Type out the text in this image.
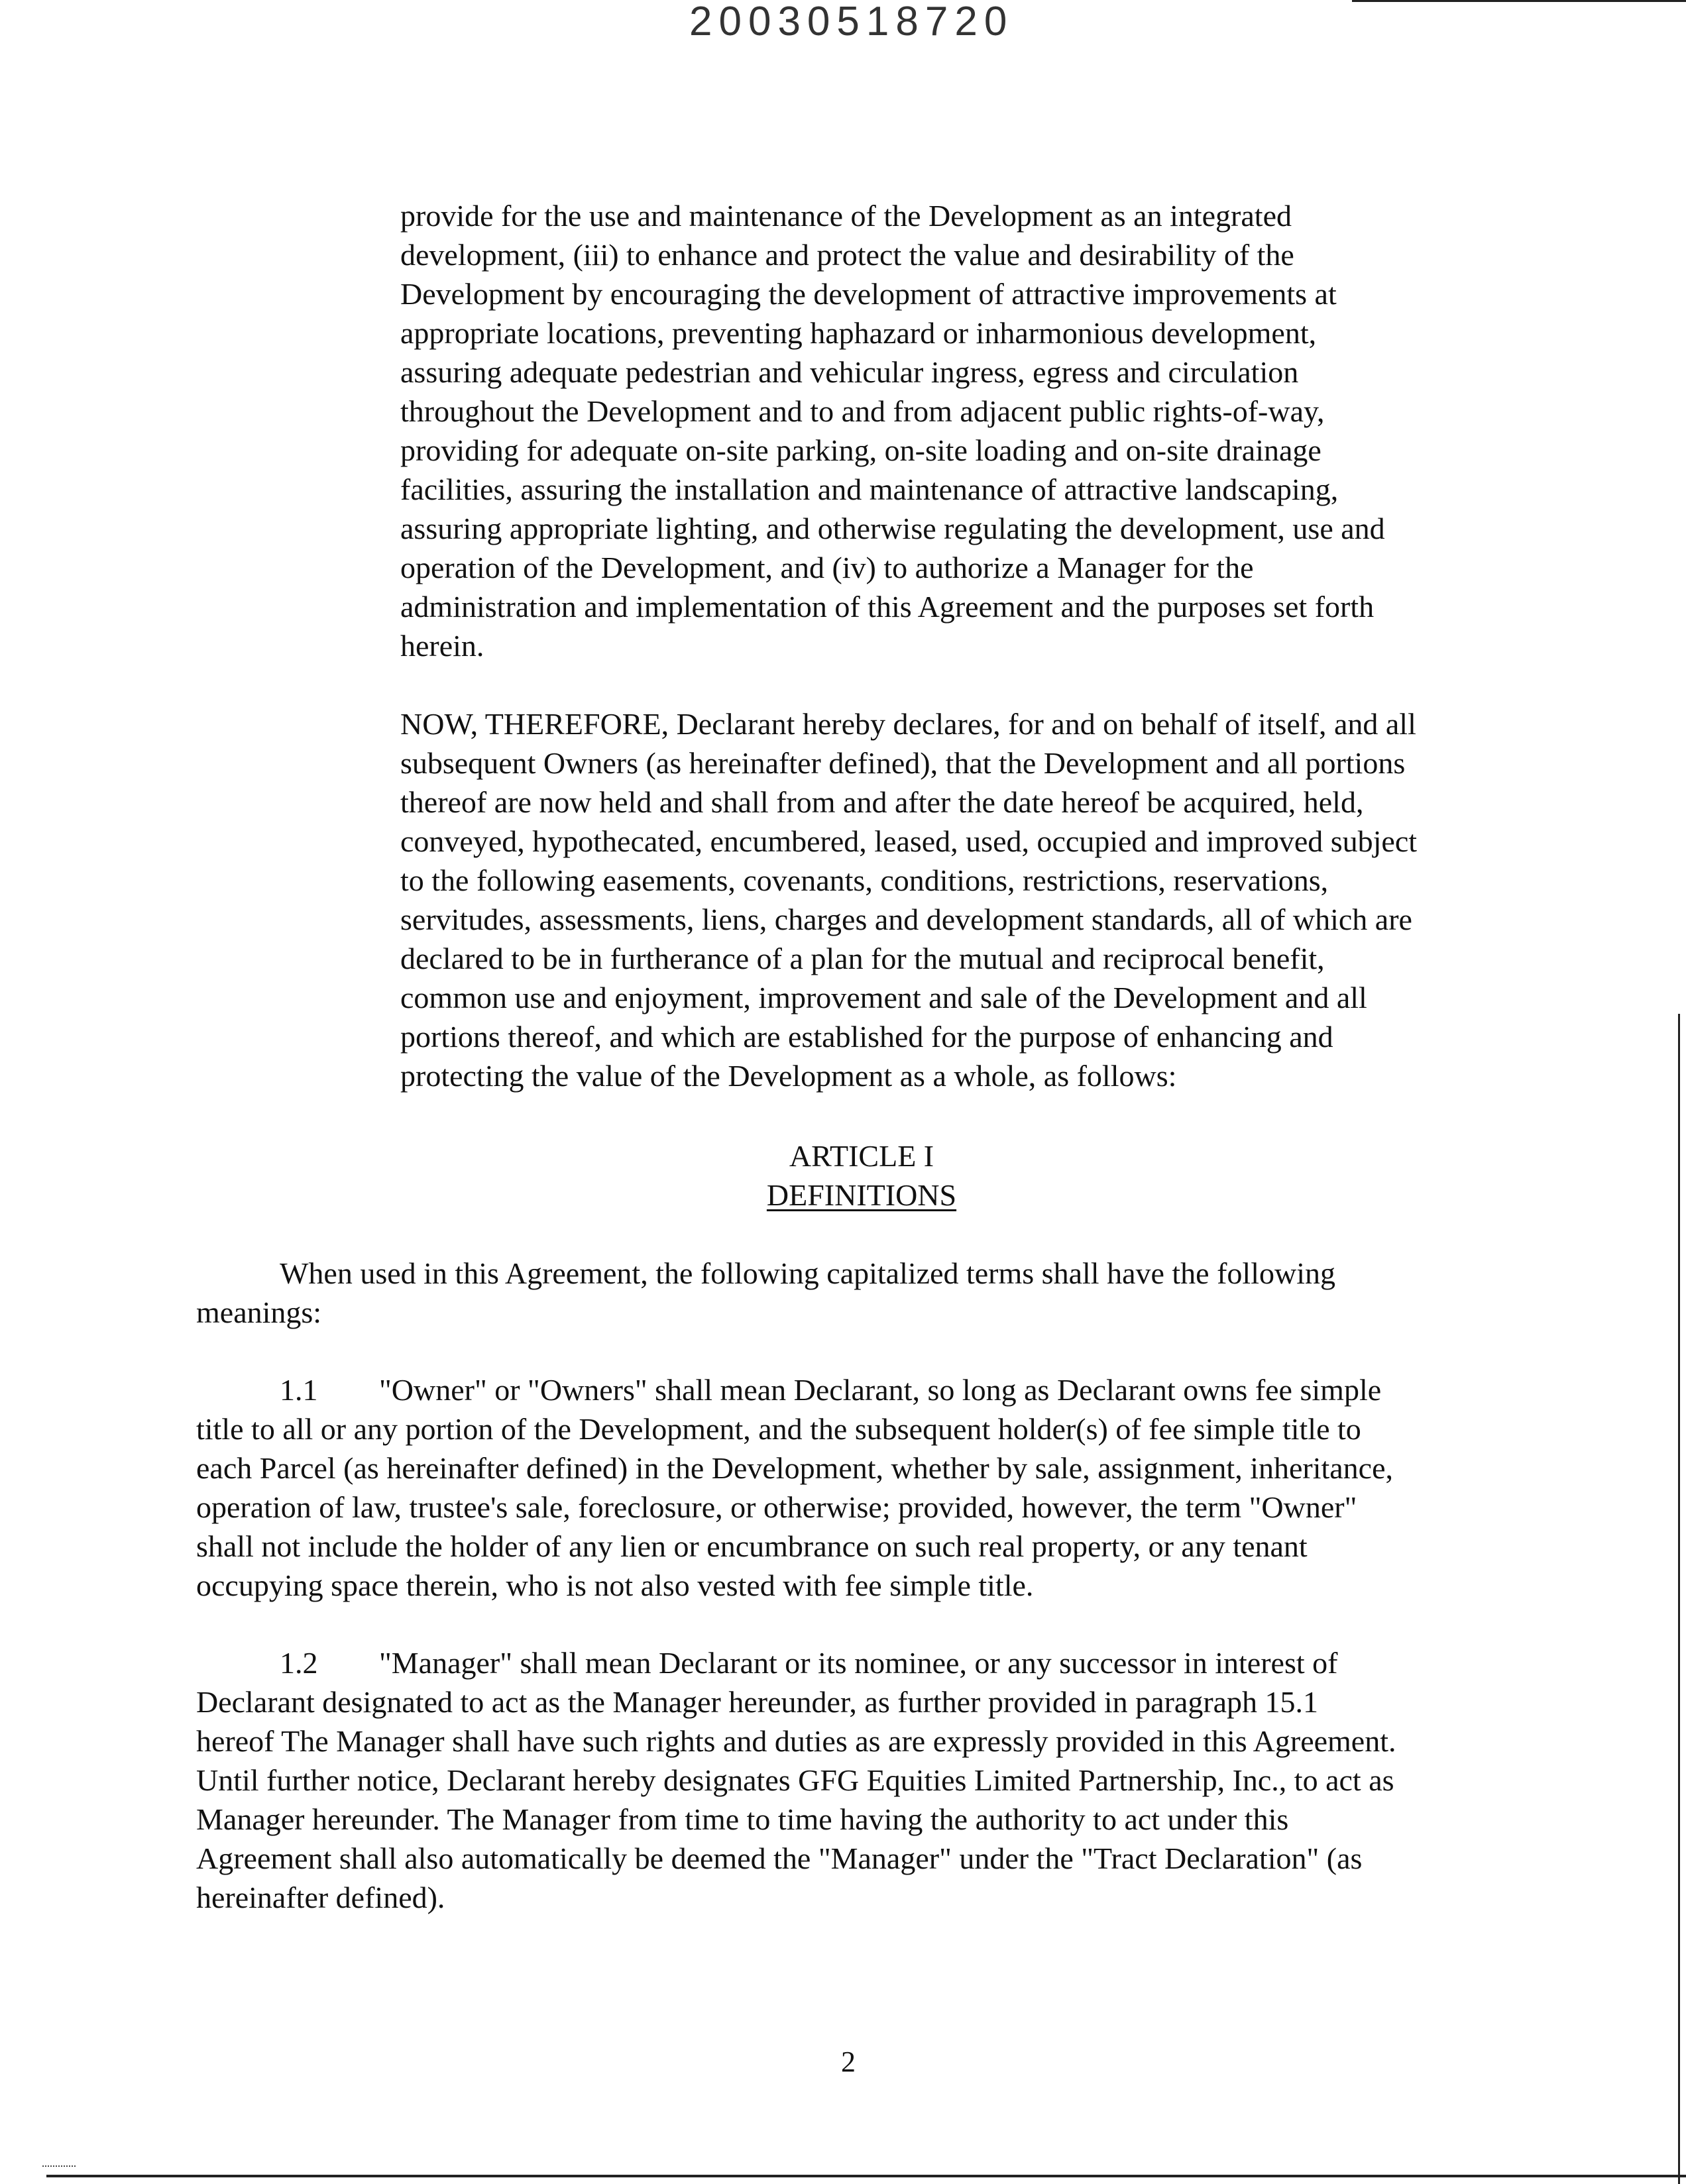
20030518720
provide for the use and maintenance of the Development as an integrated
development, (iii) to enhance and protect the value and desirability of the
Development by encouraging the development of attractive improvements at
appropriate locations, preventing haphazard or inharmonious development,
assuring adequate pedestrian and vehicular ingress, egress and circulation
throughout the Development and to and from adjacent public rights-of-way,
providing for adequate on-site parking, on-site loading and on-site drainage
facilities, assuring the installation and maintenance of attractive landscaping,
assuring appropriate lighting, and otherwise regulating the development, use and
operation of the Development, and (iv) to authorize a Manager for the
administration and implementation of this Agreement and the purposes set forth
herein.
NOW, THEREFORE, Declarant hereby declares, for and on behalf of itself, and all
subsequent Owners (as hereinafter defined), that the Development and all portions
thereof are now held and shall from and after the date hereof be acquired, held,
conveyed, hypothecated, encumbered, leased, used, occupied and improved subject
to the following easements, covenants, conditions, restrictions, reservations,
servitudes, assessments, liens, charges and development standards, all of which are
declared to be in furtherance of a plan for the mutual and reciprocal benefit,
common use and enjoyment, improvement and sale of the Development and all
portions thereof, and which are established for the purpose of enhancing and
protecting the value of the Development as a whole, as follows:
ARTICLE I
DEFINITIONS
When used in this Agreement, the following capitalized terms shall have the following
meanings:
1.1 "Owner" or "Owners" shall mean Declarant, so long as Declarant owns fee simple
title to all or any portion of the Development, and the subsequent holder(s) of fee simple title to
each Parcel (as hereinafter defined) in the Development, whether by sale, assignment, inheritance,
operation of law, trustee's sale, foreclosure, or otherwise; provided, however, the term "Owner"
shall not include the holder of any lien or encumbrance on such real property, or any tenant
occupying space therein, who is not also vested with fee simple title.
1.2 "Manager" shall mean Declarant or its nominee, or any successor in interest of
Declarant designated to act as the Manager hereunder, as further provided in paragraph 15.1
hereof The Manager shall have such rights and duties as are expressly provided in this Agreement.
Until further notice, Declarant hereby designates GFG Equities Limited Partnership, Inc., to act as
Manager hereunder. The Manager from time to time having the authority to act under this
Agreement shall also automatically be deemed the "Manager" under the "Tract Declaration" (as
hereinafter defined).
2
